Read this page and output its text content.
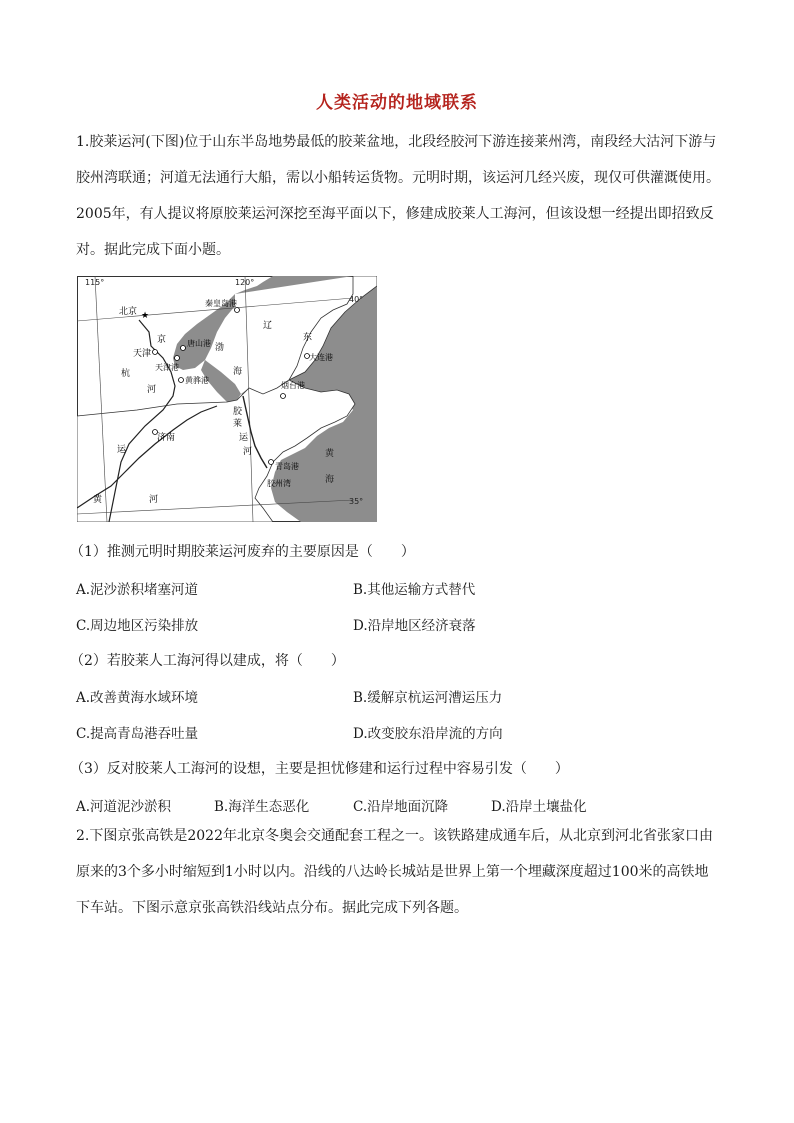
人类活动的地域联系
1.胶莱运河(下图)位于山东半岛地势最低的胶莱盆地，北段经胶河下游连接莱州湾，南段经大沽河下游与
胶州湾联通；河道无法通行大船，需以小船转运货物。元明时期，该运河几经兴废，现仅可供灌溉使用。
2005年，有人提议将原胶莱运河深挖至海平面以下，修建成胶莱人工海河，但该设想一经提出即招致反
对。据此完成下面小题。
115°	120°
40°
35°
★
北京
天津
济南
秦皇岛港
唐山港
天津港
黄骅港
大连港
烟台港
青岛港
胶州湾
京
杭
运
河
黄	河
渤
海
黄
海
胶
莱
运
河
辽
东
（1）推测元明时期胶莱运河废弃的主要原因是（　　）
A.泥沙淤积堵塞河道	B.其他运输方式替代
C.周边地区污染排放	D.沿岸地区经济衰落
（2）若胶莱人工海河得以建成，将（　　）
A.改善黄海水域环境	B.缓解京杭运河漕运压力
C.提高青岛港吞吐量	D.改变胶东沿岸流的方向
（3）反对胶莱人工海河的设想，主要是担忧修建和运行过程中容易引发（　　）
A.河道泥沙淤积	B.海洋生态恶化	C.沿岸地面沉降	D.沿岸土壤盐化
2.下图京张高铁是2022年北京冬奥会交通配套工程之一。该铁路建成通车后，从北京到河北省张家口由
原来的3个多小时缩短到1小时以内。沿线的八达岭长城站是世界上第一个埋藏深度超过100米的高铁地
下车站。下图示意京张高铁沿线站点分布。据此完成下列各题。
